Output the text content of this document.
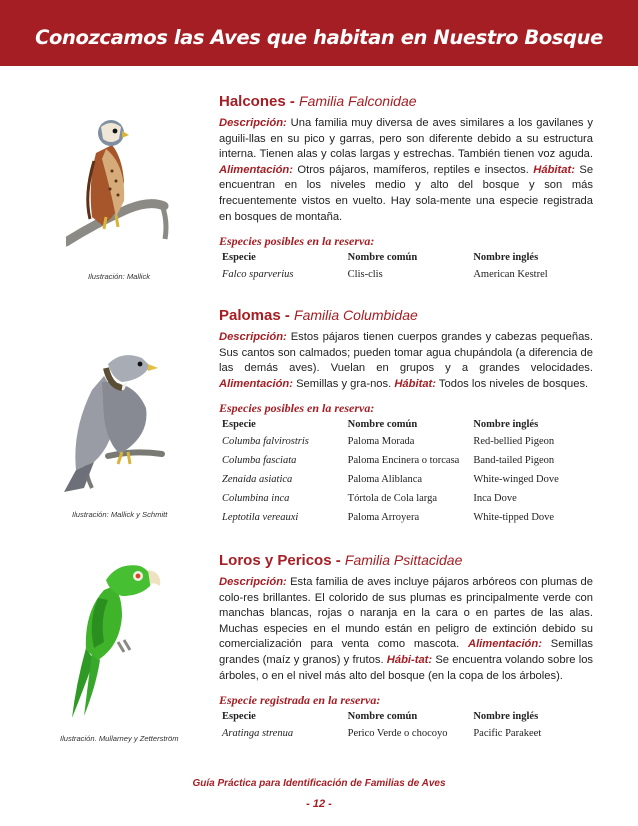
Conozcamos las Aves que habitan en Nuestro Bosque
Ilustración: Mallick
Halcones - Familia Falconidae
Descripción: Una familia muy diversa de aves similares a los gavilanes y aguili-llas en su pico y garras, pero son diferente debido a su estructura interna. Tienen alas y colas largas y estrechas. También tienen voz aguda. Alimentación: Otros pájaros, mamíferos, reptiles e insectos. Hábitat: Se encuentran en los niveles medio y alto del bosque y son más frecuentemente vistos en vuelto. Hay sola-mente una especie registrada en bosques de montaña.
Especies posibles en la reserva:
Especie	Nombre común	Nombre inglés
Falco sparverius	Clis-clis	American Kestrel
Ilustración: Mallick y Schmitt
Palomas - Familia Columbidae
Descripción: Estos pájaros tienen cuerpos grandes y cabezas pequeñas. Sus cantos son calmados; pueden tomar agua chupándola (a diferencia de las demás aves). Vuelan en grupos y a grandes velocidades. Alimentación: Semillas y gra-nos. Hábitat: Todos los niveles de bosques.
Especies posibles en la reserva:
Especie	Nombre común	Nombre inglés
Columba falvirostris	Paloma Morada	Red-bellied Pigeon
Columba fasciata	Paloma Encinera o torcasa	Band-tailed Pigeon
Zenaida asiatica	Paloma Aliblanca	White-winged Dove
Columbina inca	Tórtola de Cola larga	Inca Dove
Leptotila vereauxi	Paloma Arroyera	White-tipped Dove
Ilustración. Mullarney y Zetterström
Loros y Pericos - Familia Psittacidae
Descripción: Esta familia de aves incluye pájaros arbóreos con plumas de colo-res brillantes. El colorido de sus plumas es principalmente verde con manchas blancas, rojas o naranja en la cara o en partes de las alas. Muchas especies en el mundo están en peligro de extinción debido su comercialización para venta como mascota. Alimentación: Semillas grandes (maíz y granos) y frutos. Hábi-tat: Se encuentra volando sobre los árboles, o en el nivel más alto del bosque (en la copa de los árboles).
Especie registrada en la reserva:
Especie	Nombre común	Nombre inglés
Aratinga strenua	Perico Verde o chocoyo	Pacific Parakeet
Guía Práctica para Identificación de Familias de Aves
- 12 -
